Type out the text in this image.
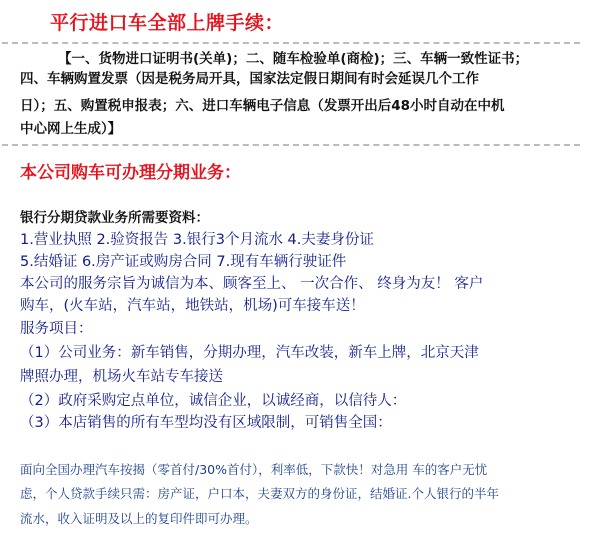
平行进口车全部上牌手续：
【一、货物进口证明书(关单)；二、随车检验单(商检)；三、车辆一致性证书；
四、车辆购置发票（因是税务局开具，国家法定假日期间有时会延误几个工作
日）；五、购置税申报表；六、进口车辆电子信息（发票开出后48小时自动在中机
中心网上生成）】
本公司购车可办理分期业务：
银行分期贷款业务所需要资料：
1.营业执照 2.验资报告 3.银行3个月流水 4.夫妻身份证
5.结婚证 6.房产证或购房合同 7.现有车辆行驶证件
本公司的服务宗旨为诚信为本、顾客至上、 一次合作、 终身为友！ 客户
购车，(火车站，汽车站，地铁站，机场)可车接车送！
服务项目：
（1）公司业务：新车销售，分期办理，汽车改装，新车上牌，北京天津
牌照办理，机场火车站专车接送
（2）政府采购定点单位，诚信企业，以诚经商，以信待人：
（3）本店销售的所有车型均没有区域限制，可销售全国：
面向全国办理汽车按揭（零首付/30%首付），利率低，下款快！对急用 车的客户无忧
虑，个人贷款手续只需：房产证，户口本，夫妻双方的身份证，结婚证.个人银行的半年
流水，收入证明及以上的复印件即可办理。
